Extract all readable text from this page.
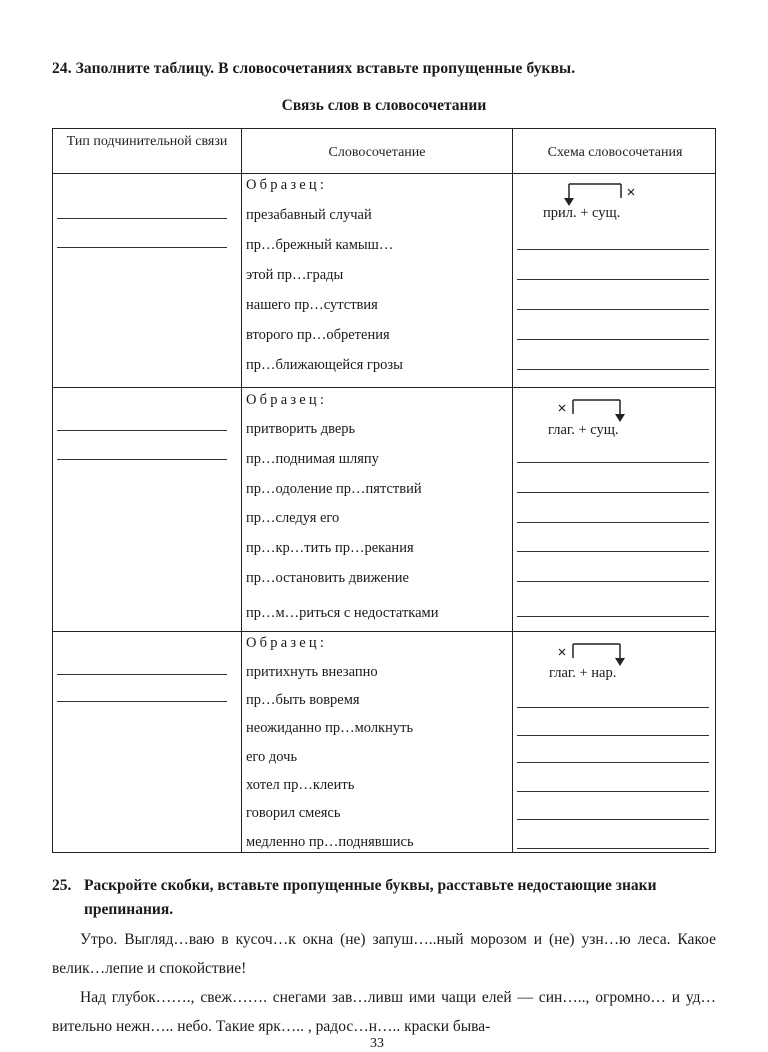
24. Заполните таблицу. В словосочетаниях вставьте пропущенные буквы.
Связь слов в словосочетании
Тип подчинительной связи
Словосочетание	Схема словосочетания
Образец:
презабавный случай
пр…брежный камыш…
этой пр…грады
нашего пр…сутствия
второго пр…обретения
пр…ближающейся грозы
прил. + сущ.
Образец:
притворить дверь
пр…поднимая шляпу
пр…одоление пр…пятствий
пр…следуя его
пр…кр…тить пр…рекания
пр…остановить движение
пр…м…риться с недостатками
глаг. + сущ.
Образец:
притихнуть внезапно
пр…быть вовремя
неожиданно пр…молкнуть
его дочь
хотел пр…клеить
говорил смеясь
медленно пр…поднявшись
глаг. + нар.
25. Раскройте скобки, вставьте пропущенные буквы, расставьте недостающие знаки препинания.
Утро. Выгляд…ваю в кусоч…к окна (не) запуш…..ный морозом и (не) узн…ю леса. Какое велик…лепие и спокойствие!
Над глубок……., свеж……. снегами зав…ливш ими чащи елей — син….., огромно… и уд…вительно нежн….. небо. Такие ярк….. , радос…н….. краски быва-
33
